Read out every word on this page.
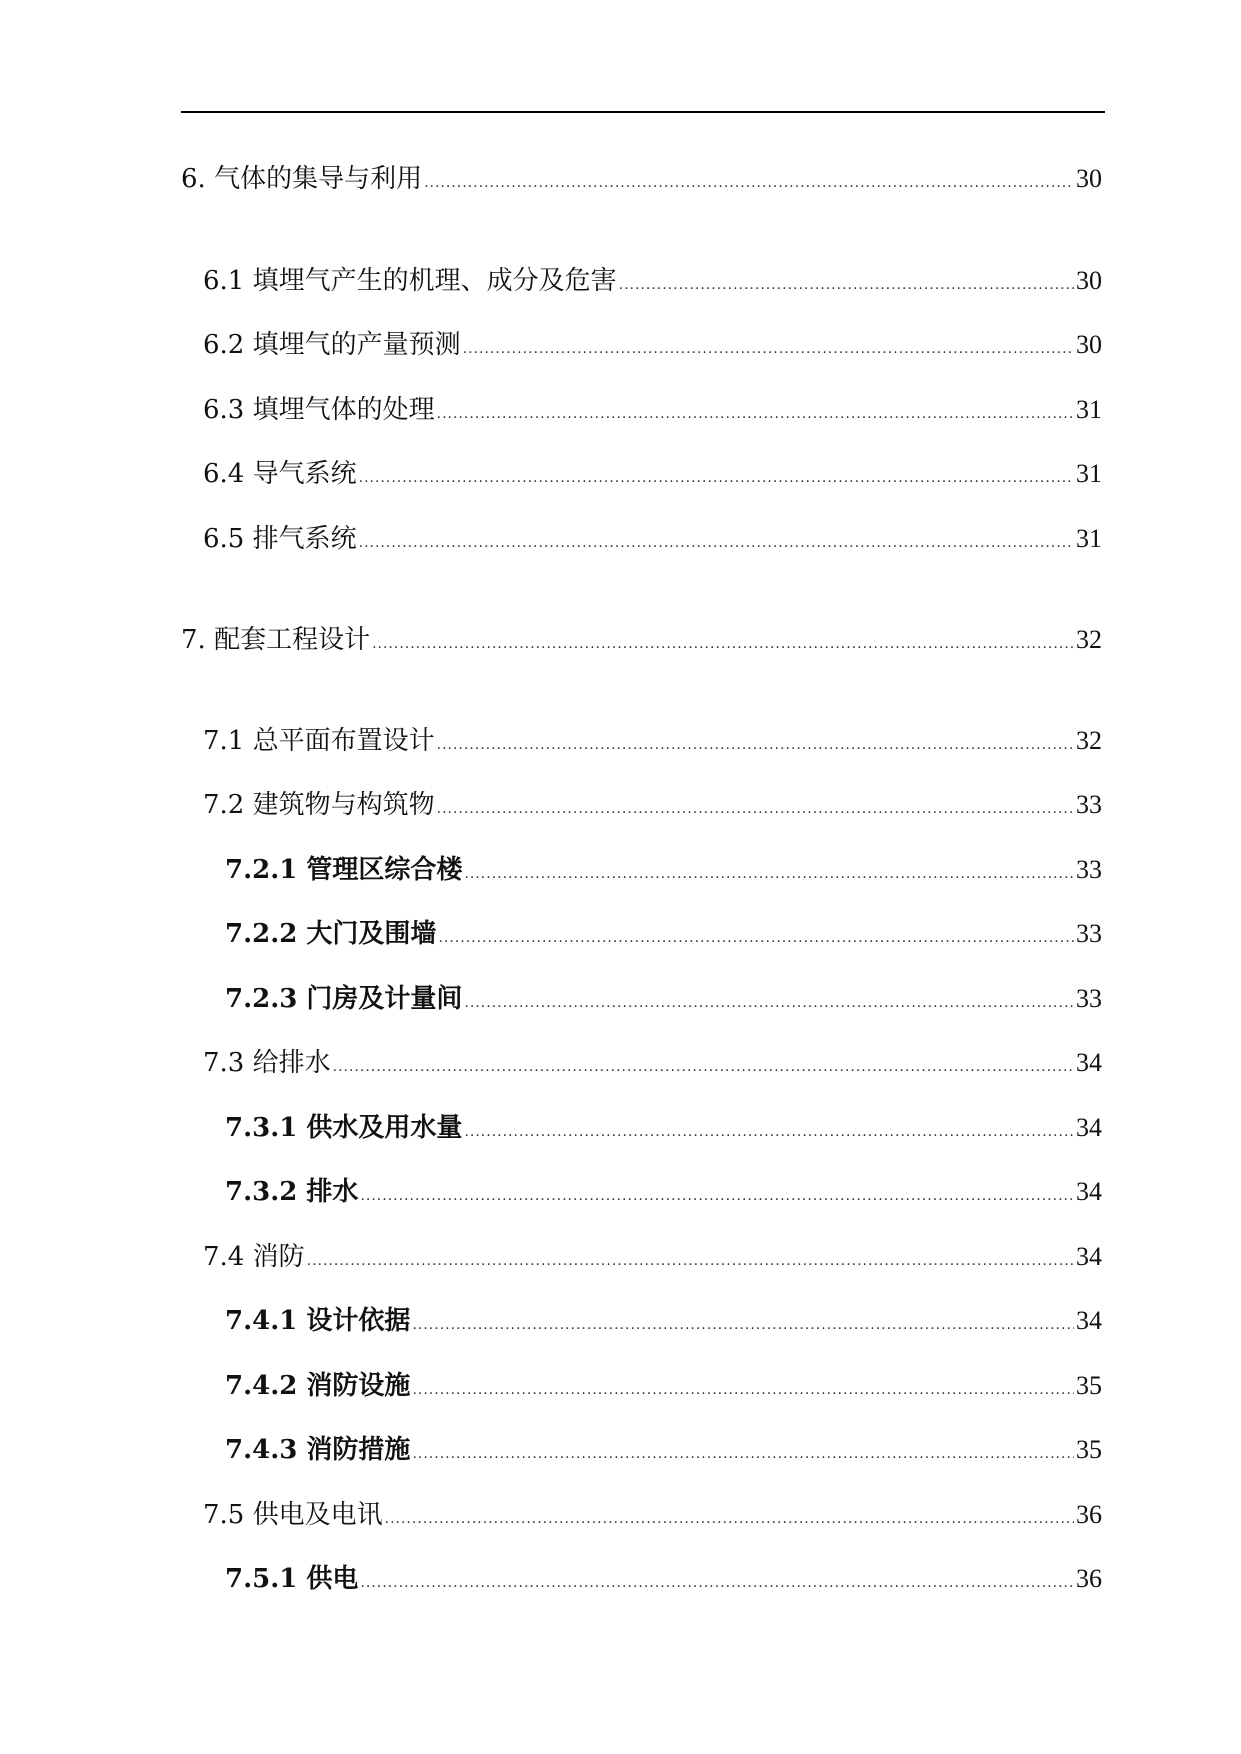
6. 气体的集导与利用 .....	30
6.1 填埋气产生的机理、成分及危害 .....	30
6.2 填埋气的产量预测 .....	30
6.3 填埋气体的处理 .....	31
6.4 导气系统 .....	31
6.5 排气系统 .....	31
7. 配套工程设计 .....	32
7.1 总平面布置设计 .....	32
7.2 建筑物与构筑物 .....	33
7.2.1 管理区综合楼 .....	33
7.2.2 大门及围墙 .....	33
7.2.3 门房及计量间 .....	33
7.3 给排水 .....	34
7.3.1 供水及用水量 .....	34
7.3.2 排水 .....	34
7.4 消防 .....	34
7.4.1 设计依据 .....	34
7.4.2 消防设施 .....	35
7.4.3 消防措施 .....	35
7.5 供电及电讯 .....	36
7.5.1 供电 .....	36
